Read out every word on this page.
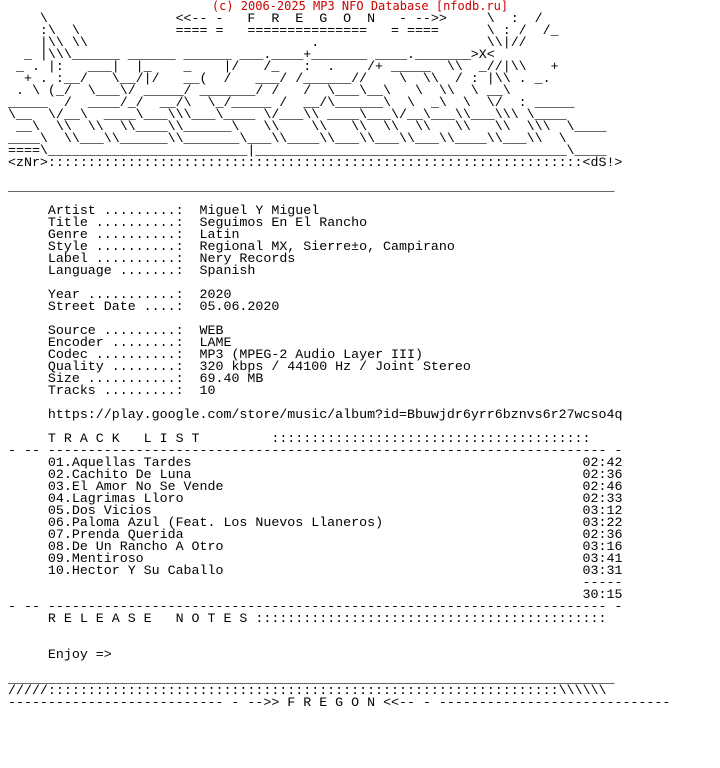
(c) 2006-2025 MP3 NFO Database [nfodb.ru]
\                <<-- -   F  R  E  G  O  N   - -->>     \  :  /
:\  \            ==== =   ===============   = ====      \ : /  /_
|\\ \\                            .                     \\|//
_ |\\\______ ______ ______ ___.____+_______ ____._______>X<
_ . |:   ___|  |_    _    |/   /_   :  .    /+ _____  \\  _//|\\   +
+ . :__/   \__/|/   __(  /   ___/ /______//    \  \\  / : |\\ . _.
. \ (_/  \___\/ _____/ _______/ /   /  \___\__\   \  \\  \ __\
_____  /  ____/_/  __/\  \_/_____ /  __/\______\  \  _\  \  \/  : _____
\__  \/__\  ____\___\\\___\____ \/___\\ ____\___\/__\___\\___\\\ \____
__\  \\  \\  \\____\\______\   \\    \\   \\  \\  \\   \\   \\  \\\  \____
____\  \\___\\______\\_______\___\\____\\___\\___\\___\\____\\___\\  \
====\_________________________|_______________________________________\____
<zNr>:::::::::::::::::::::::::::::::::::::::::::::::::::::::::::::::::::<dS!>

____________________________________________________________________________

Artist .........: Miguel Y Miguel
Title ..........: Seguimos En El Rancho
Genre ..........: Latin
Style ..........: Regional MX, Sierre±o, Campirano
Label ..........: Nery Records
Language .......: Spanish

Year ...........: 2020
Street Date ....: 05.06.2020

Source .........: WEB
Encoder ........: LAME
Codec ..........: MP3 (MPEG-2 Audio Layer III)
Quality ........: 320 kbps / 44100 Hz / Joint Stereo
Size ...........: 69.40 MB
Tracks .........: 10

https://play.google.com/store/music/album?id=Bbuwjdr6yrr6bznvs6r27wcso4q

T R A C K   L I S T	::::::::::::::::::::::::::::::::::::::::
- -- ---------------------------------------------------------------------- -
01.Aquellas Tardes	02:42
02.Cachito De Luna	02:36
03.El Amor No Se Vende	02:46
04.Lagrimas Lloro	02:33
05.Dos Vicios	03:12
06.Paloma Azul (Feat. Los Nuevos Llaneros)	03:22
07.Prenda Querida	02:36
08.De Un Rancho A Otro	03:16
09.Mentiroso	03:41
10.Hector Y Su Caballo	03:31
-----
30:15
- -- ---------------------------------------------------------------------- -
R E L E A S E   N O T E S ::::::::::::::::::::::::::::::::::::::::::::

Enjoy =>

____________________________________________________________________________
/////::::::::::::::::::::::::::::::::::::::::::::::::::::::::::::::::\\\\\\
--------------------------- - -->> F R E G O N <<-- - -----------------------------
